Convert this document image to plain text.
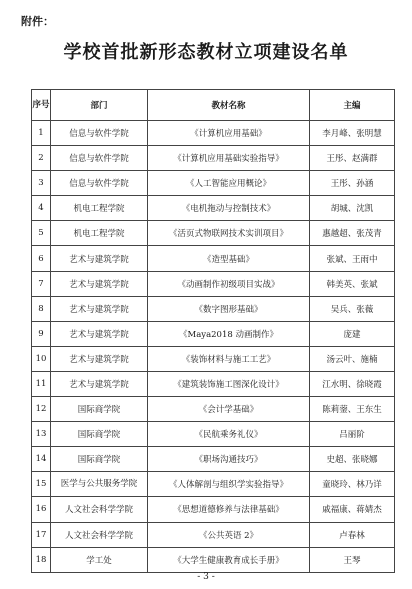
附件：
学校首批新形态教材立项建设名单
序号	部门	教材名称	主编
1	信息与软件学院	《计算机应用基础》	李月峰、张明慧
2	信息与软件学院	《计算机应用基础实验指导》	王彤、赵满群
3	信息与软件学院	《人工智能应用概论》	王彤、孙涵
4	机电工程学院	《电机拖动与控制技术》	胡城、沈凯
5	机电工程学院	《活页式物联网技术实训项目》	惠越超、张茂青
6	艺术与建筑学院	《造型基础》	张斌、王雨中
7	艺术与建筑学院	《动画制作初级项目实战》	韩美英、张斌
8	艺术与建筑学院	《数字图形基础》	吴兵、张薇
9	艺术与建筑学院	《Maya2018 动画制作》	庞建
10	艺术与建筑学院	《装饰材料与施工工艺》	汤云叶、施楠
11	艺术与建筑学院	《建筑装饰施工图深化设计》	江水明、徐晓霞
12	国际商学院	《会计学基础》	陈莉蓥、王东生
13	国际商学院	《民航乘务礼仪》	吕丽阶
14	国际商学院	《职场沟通技巧》	史超、张晓娜
15	医学与公共服务学院	《人体解剖与组织学实验指导》	童晓玲、林乃详
16	人文社会科学学院	《思想道德修养与法律基础》	戚福康、蒋婧杰
17	人文社会科学学院	《公共英语 2》	卢春林
18	学工处	《大学生健康教育成长手册》	王琴
- 3 -
